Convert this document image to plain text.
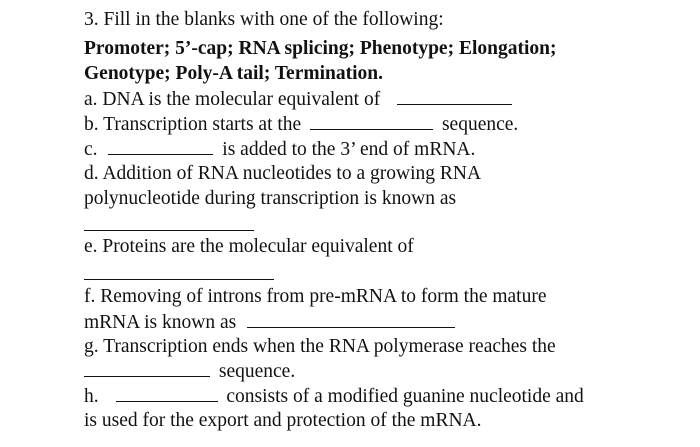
3. Fill in the blanks with one of the following:
Promoter; 5’-cap; RNA splicing; Phenotype; Elongation;
Genotype; Poly-A tail; Termination.
a. DNA is the molecular equivalent of
b. Transcription starts at the	sequence.
c.	is added to the 3’ end of mRNA.
d. Addition of RNA nucleotides to a growing RNA
polynucleotide during transcription is known as
e. Proteins are the molecular equivalent of
f. Removing of introns from pre-mRNA to form the mature
mRNA is known as
g. Transcription ends when the RNA polymerase reaches the
sequence.
h.	consists of a modified guanine nucleotide and
is used for the export and protection of the mRNA.
